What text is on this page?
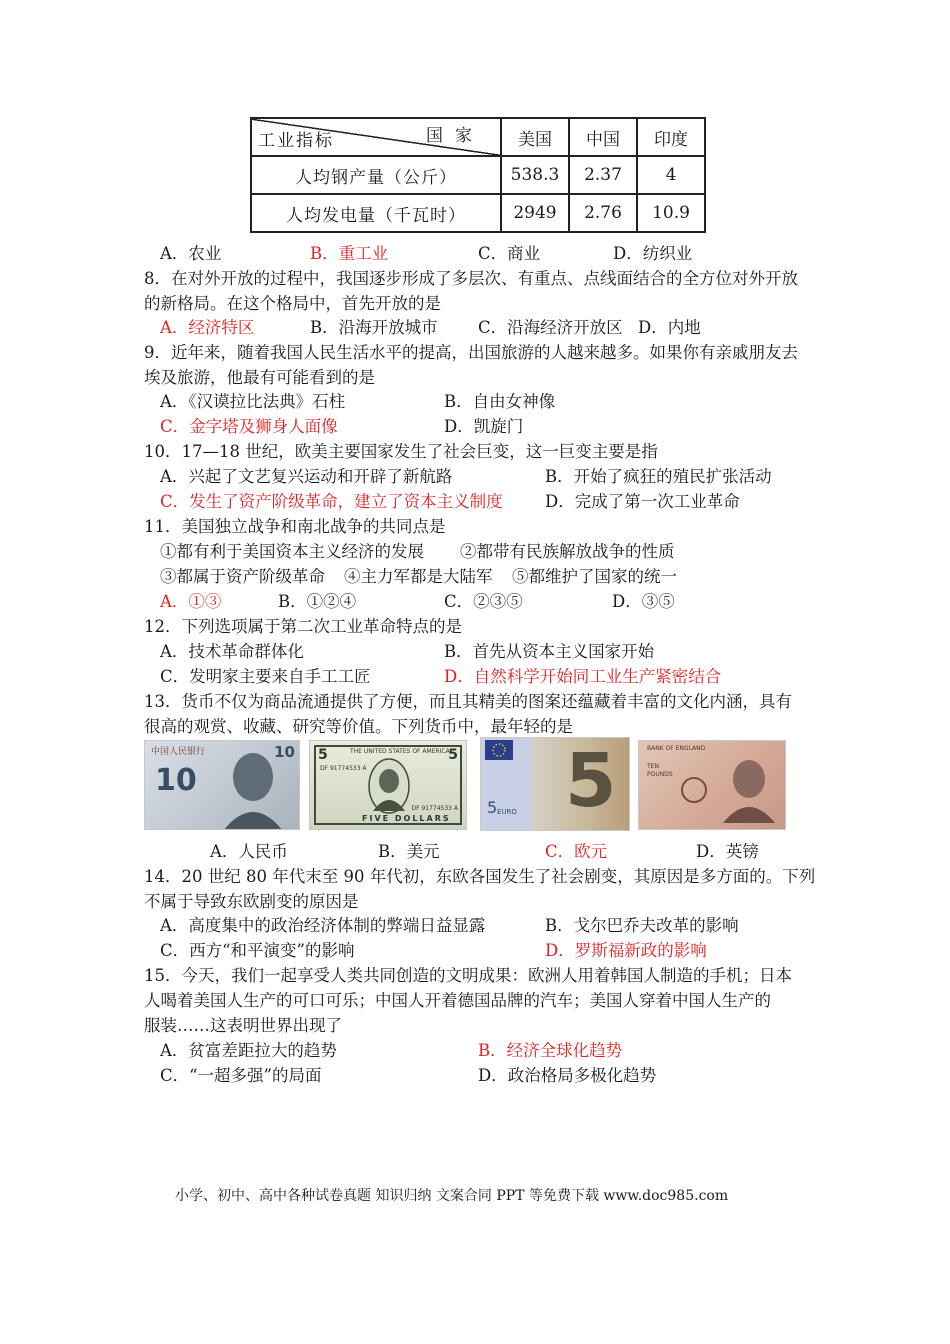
国家
工业指标	美国	中国	印度
人均钢产量（公斤）	538.3	2.37	4
人均发电量（千瓦时）	2949	2.76	10.9
A．农业	B．重工业	C．商业	D．纺织业
8．在对外开放的过程中，我国逐步形成了多层次、有重点、点线面结合的全方位对外开放
的新格局。在这个格局中，首先开放的是
A．经济特区	B．沿海开放城市 C．沿海经济开放区 D．内地
9．近年来，随着我国人民生活水平的提高，出国旅游的人越来越多。如果你有亲戚朋友去
埃及旅游，他最有可能看到的是
A．《汉谟拉比法典》石柱	B．自由女神像
C．金字塔及狮身人面像	D．凯旋门
10．17—18 世纪，欧美主要国家发生了社会巨变，这一巨变主要是指
A．兴起了文艺复兴运动和开辟了新航路	B．开始了疯狂的殖民扩张活动
C．发生了资产阶级革命，建立了资本主义制度	D．完成了第一次工业革命
11．美国独立战争和南北战争的共同点是
①都有利于美国资本主义经济的发展 ②都带有民族解放战争的性质
③都属于资产阶级革命 ④主力军都是大陆军 ⑤都维护了国家的统一
A．①③	B．①②④	C．②③⑤	D．③⑤
12．下列选项属于第二次工业革命特点的是
A．技术革命群体化	B．首先从资本主义国家开始
C．发明家主要来自手工工匠	D．自然科学开始同工业生产紧密结合
13．货币不仅为商品流通提供了方便，而且其精美的图案还蕴藏着丰富的文化内涵，具有
很高的观赏、收藏、研究等价值。下列货币中，最年轻的是
中国人民银行
10
10	THE UNITED STATES OF AMERICA
5	5
DF 91774533 A
DF 91774533 A
FIVE DOLLARS 5
5 EURO
BANK OF ENGLAND
TEN POUNDS
A．人民币	B．美元	C．欧元	D．英镑
14．20 世纪 80 年代末至 90 年代初，东欧各国发生了社会剧变，其原因是多方面的。下列
不属于导致东欧剧变的原因是
A．高度集中的政治经济体制的弊端日益显露	B．戈尔巴乔夫改革的影响
C．西方“和平演变”的影响	D．罗斯福新政的影响
15．今天，我们一起享受人类共同创造的文明成果：欧洲人用着韩国人制造的手机；日本
人喝着美国人生产的可口可乐；中国人开着德国品牌的汽车；美国人穿着中国人生产的
服装……这表明世界出现了
A．贫富差距拉大的趋势	B．经济全球化趋势
C．“一超多强”的局面	D．政治格局多极化趋势
小学、初中、高中各种试卷真题 知识归纳 文案合同 PPT 等免费下载 www.doc985.com
